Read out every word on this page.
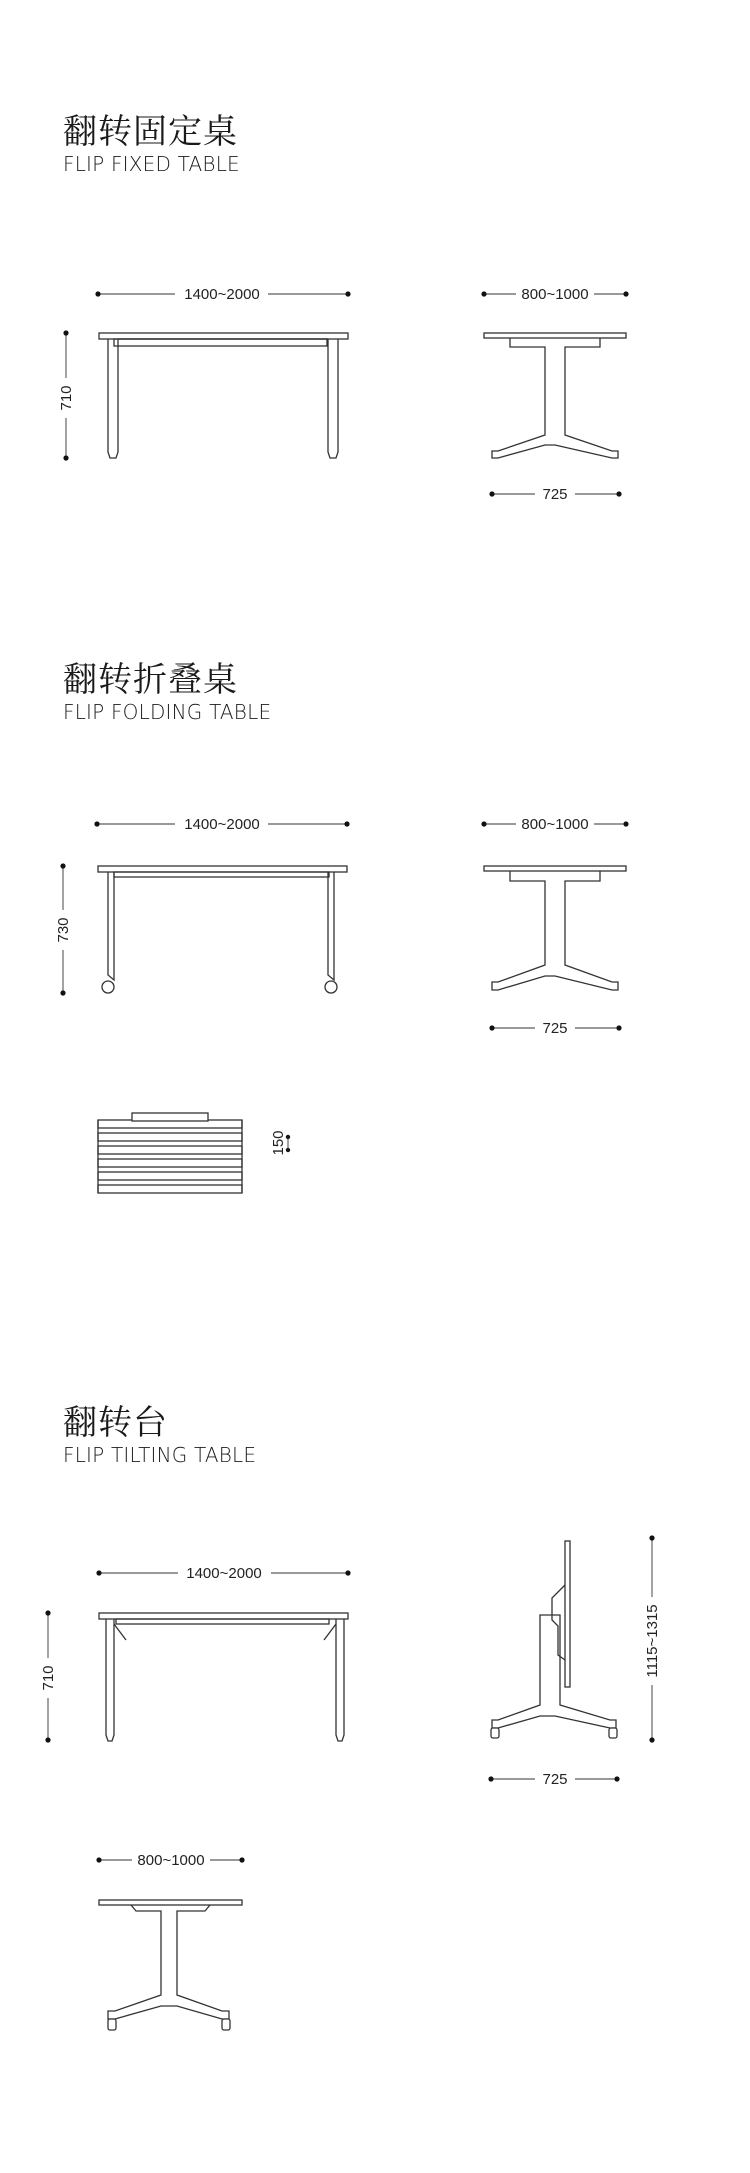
翻转固定桌
FLIP FIXED TABLE
翻转折叠桌
FLIP FOLDING TABLE
翻转台
FLIP TILTING TABLE
1400~2000
710
800~1000
725
1400~2000
730
800~1000
725
150
1400~2000
710
1115~1315
725
800~1000
